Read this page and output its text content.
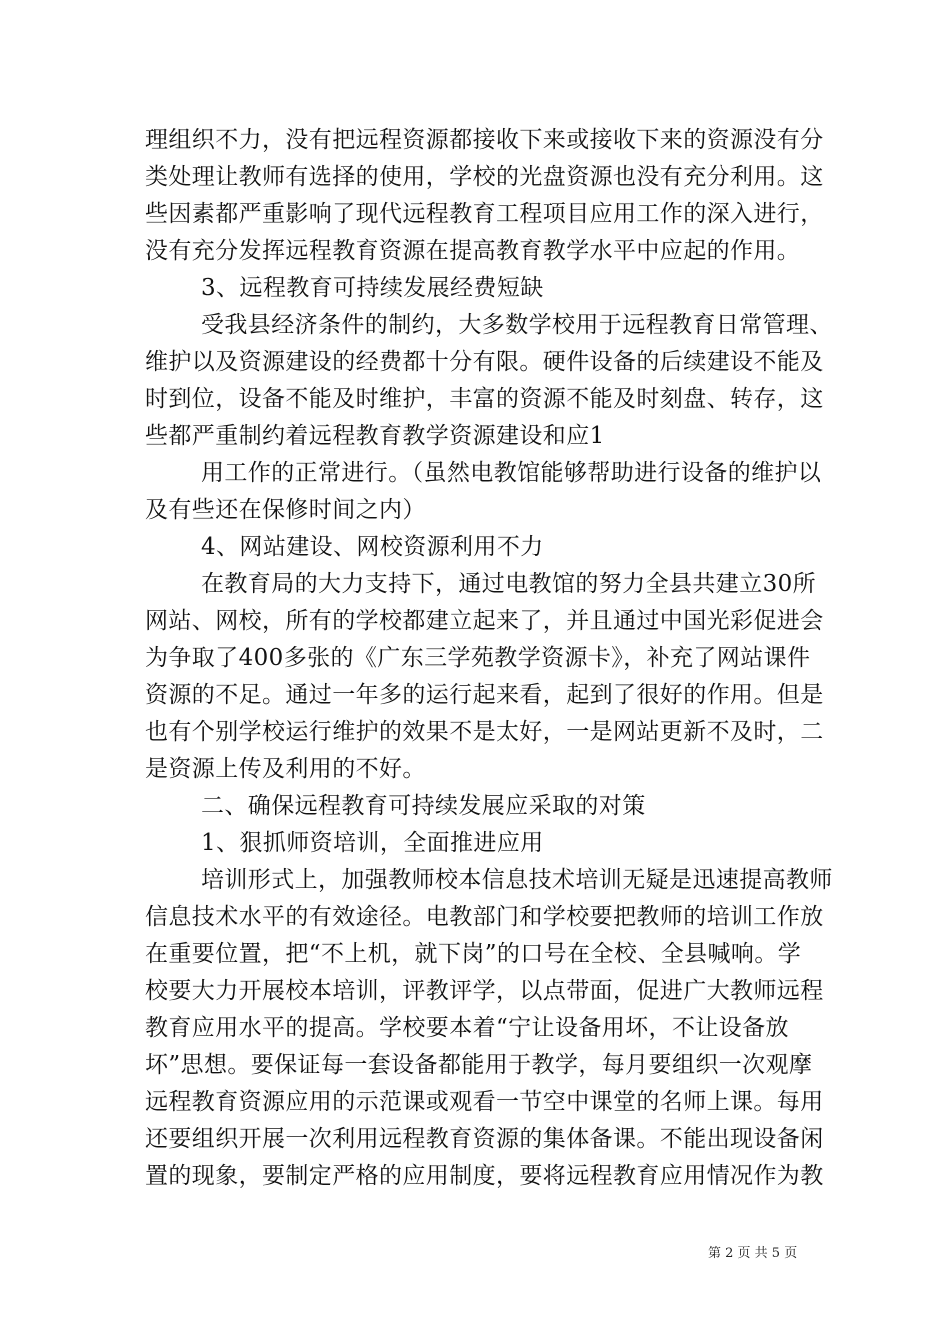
理组织不力，没有把远程资源都接收下来或接收下来的资源没有分
类处理让教师有选择的使用，学校的光盘资源也没有充分利用。这
些因素都严重影响了现代远程教育工程项目应用工作的深入进行，
没有充分发挥远程教育资源在提高教育教学水平中应起的作用。
3、远程教育可持续发展经费短缺
受我县经济条件的制约，大多数学校用于远程教育日常管理、
维护以及资源建设的经费都十分有限。硬件设备的后续建设不能及
时到位，设备不能及时维护，丰富的资源不能及时刻盘、转存，这
些都严重制约着远程教育教学资源建设和应1
用工作的正常进行。（虽然电教馆能够帮助进行设备的维护以
及有些还在保修时间之内）
4、网站建设、网校资源利用不力
在教育局的大力支持下，通过电教馆的努力全县共建立30所
网站、网校，所有的学校都建立起来了，并且通过中国光彩促进会
为争取了400多张的《广东三学苑教学资源卡》，补充了网站课件
资源的不足。通过一年多的运行起来看，起到了很好的作用。但是
也有个别学校运行维护的效果不是太好，一是网站更新不及时，二
是资源上传及利用的不好。
二、确保远程教育可持续发展应采取的对策
1、狠抓师资培训，全面推进应用
培训形式上，加强教师校本信息技术培训无疑是迅速提高教师
信息技术水平的有效途径。电教部门和学校要把教师的培训工作放
在重要位置，把“不上机，就下岗”的口号在全校、全县喊响。学
校要大力开展校本培训，评教评学，以点带面，促进广大教师远程
教育应用水平的提高。学校要本着“宁让设备用坏，不让设备放
坏”思想。要保证每一套设备都能用于教学，每月要组织一次观摩
远程教育资源应用的示范课或观看一节空中课堂的名师上课。每用
还要组织开展一次利用远程教育资源的集体备课。不能出现设备闲
置的现象，要制定严格的应用制度，要将远程教育应用情况作为教
第 2 页 共 5 页
